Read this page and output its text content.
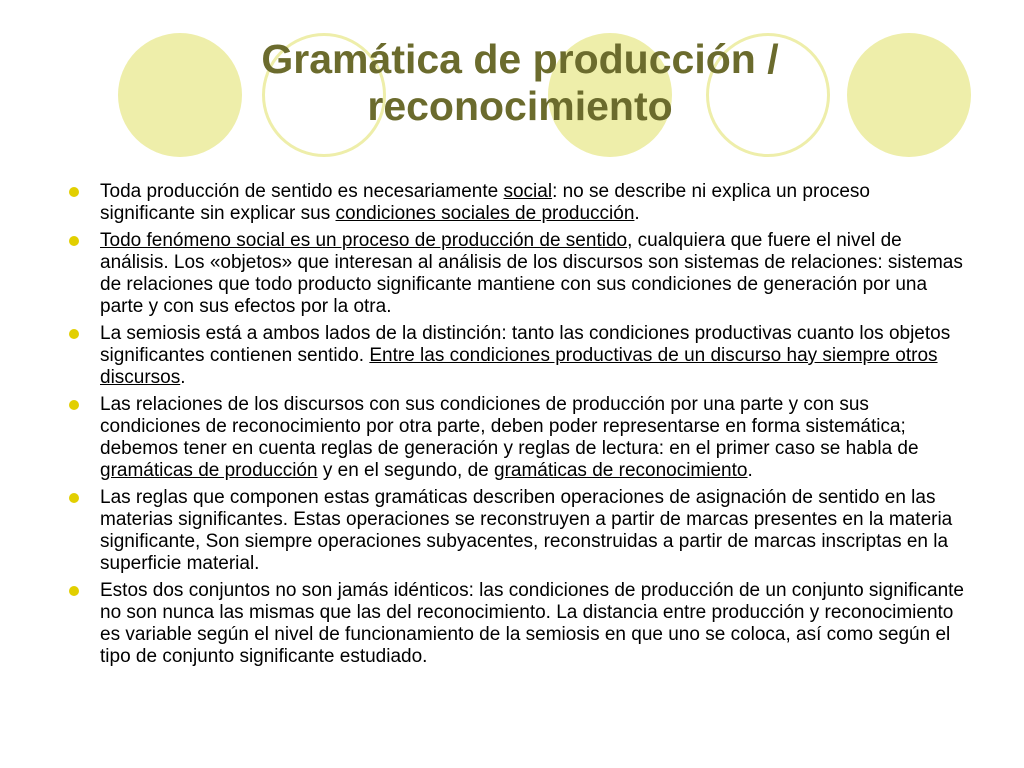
Gramática de producción /
reconocimiento
Toda producción de sentido es necesariamente social: no se describe ni explica un proceso significante sin explicar sus condiciones sociales de producción.
Todo fenómeno social es un proceso de producción de sentido, cualquiera que fuere el nivel de análisis. Los «objetos» que interesan al análisis de los discursos son sistemas de relaciones: sistemas de relaciones que todo producto significante mantiene con sus condiciones de generación por una parte y con sus efectos por la otra.
La semiosis está a ambos lados de la distinción: tanto las condiciones productivas cuanto los objetos significantes contienen sentido. Entre las condiciones productivas de un discurso hay siempre otros discursos.
Las relaciones de los discursos con sus condiciones de producción por una parte y con sus condiciones de reconocimiento por otra parte, deben poder representarse en forma sistemática; debemos tener en cuenta reglas de generación y reglas de lectura: en el primer caso se habla de gramáticas de producción y en el segundo, de gramáticas de reconocimiento.
Las reglas que componen estas gramáticas describen operaciones de asignación de sentido en las materias significantes. Estas operaciones se reconstruyen a partir de marcas presentes en la materia significante, Son siempre operaciones subyacentes, reconstruidas a partir de marcas inscriptas en la superficie material.
Estos dos conjuntos no son jamás idénticos: las condiciones de producción de un conjunto significante no son nunca las mismas que las del reconocimiento. La distancia entre producción y reconocimiento es variable según el nivel de funcionamiento de la semiosis en que uno se coloca, así como según el tipo de conjunto significante estudiado.
